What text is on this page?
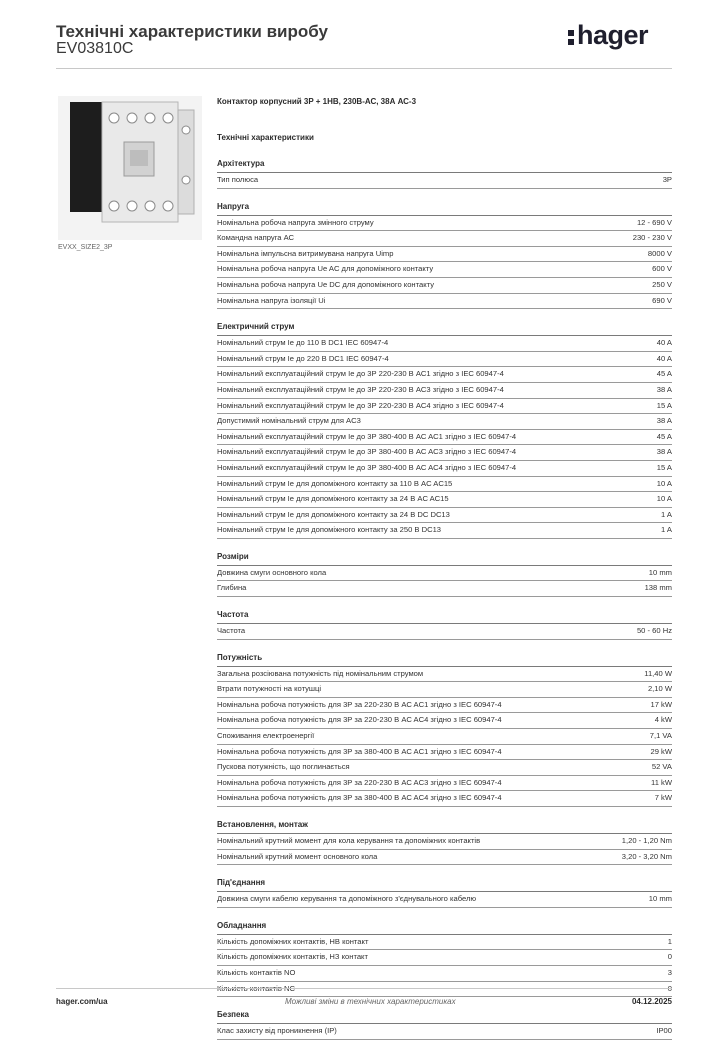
Технічні характеристики виробу
EV03810C	hager
EVXX_SIZE2_3P
Контактор корпусний 3P + 1НВ, 230В-АС, 38А АС-3
Технічні характеристики
Архітектура
Тип полюса	3P
Напруга
Номінальна робоча напруга змінного струму	12 - 690 V
Командна напруга АС	230 - 230 V
Номінальна імпульсна витримувана напруга Uimp	8000 V
Номінальна робоча напруга Ue AC для допоміжного контакту	600 V
Номінальна робоча напруга Ue DC для допоміжного контакту	250 V
Номінальна напруга ізоляції Ui	690 V
Електричний струм
Номінальний струм Ie до 110 В DC1 IEC 60947-4	40 A
Номінальний струм Ie до 220 В DC1 IEC 60947-4	40 A
Номінальний експлуатаційний струм Ie до 3Р 220-230 В AC1 згідно з IEC 60947-4	45 A
Номінальний експлуатаційний струм Ie до 3Р 220-230 В AC3 згідно з IEC 60947-4	38 A
Номінальний експлуатаційний струм Ie до 3Р 220-230 В AC4 згідно з IEC 60947-4	15 A
Допустимий номінальний струм для AC3	38 A
Номінальний експлуатаційний струм Ie до 3Р 380-400 В AC AC1 згідно з IEC 60947-4	45 A
Номінальний експлуатаційний струм Ie до 3Р 380-400 В AC AC3 згідно з IEC 60947-4	38 A
Номінальний експлуатаційний струм Ie до 3Р 380-400 В AC AC4 згідно з IEC 60947-4	15 A
Номінальний струм Ie для допоміжного контакту за 110 В AC AC15	10 A
Номінальний струм Ie для допоміжного контакту за 24 В AC AC15	10 A
Номінальний струм Ie для допоміжного контакту за 24 В DC DC13	1 A
Номінальний струм Ie для допоміжного контакту за 250 В DC13	1 A
Розміри
Довжина смуги основного кола	10 mm
Глибина	138 mm
Частота
Частота	50 - 60 Hz
Потужність
Загальна розсіювана потужність під номінальним струмом	11,40 W
Втрати потужності на котушці	2,10 W
Номінальна робоча потужність для 3P за 220-230 В AC AC1 згідно з IEC 60947-4	17 kW
Номінальна робоча потужність для 3P за 220-230 В AC AC4 згідно з IEC 60947-4	4 kW
Споживання електроенергії	7,1 VA
Номінальна робоча потужність для 3P за 380-400 В AC AC1 згідно з IEC 60947-4	29 kW
Пускова потужність, що поглинається	52 VA
Номінальна робоча потужність для 3P за 220-230 В AC AC3 згідно з IEC 60947-4	11 kW
Номінальна робоча потужність для 3P за 380-400 В AC AC4 згідно з IEC 60947-4	7 kW
Встановлення, монтаж
Номінальний крутний момент для кола керування та допоміжних контактів	1,20 - 1,20 Nm
Номінальний крутний момент основного кола	3,20 - 3,20 Nm
Під'єднання
Довжина смуги кабелю керування та допоміжного з'єднувального кабелю	10 mm
Обладнання
Кількість допоміжних контактів, НВ контакт	1
Кількість допоміжних контактів, НЗ контакт	0
Кількість контактів NO	3
Кількість контактів NC	0
Безпека
Клас захисту від проникнення (IP)	IP00
hager.com/ua	Можливі зміни в технічних характеристиках	04.12.2025
